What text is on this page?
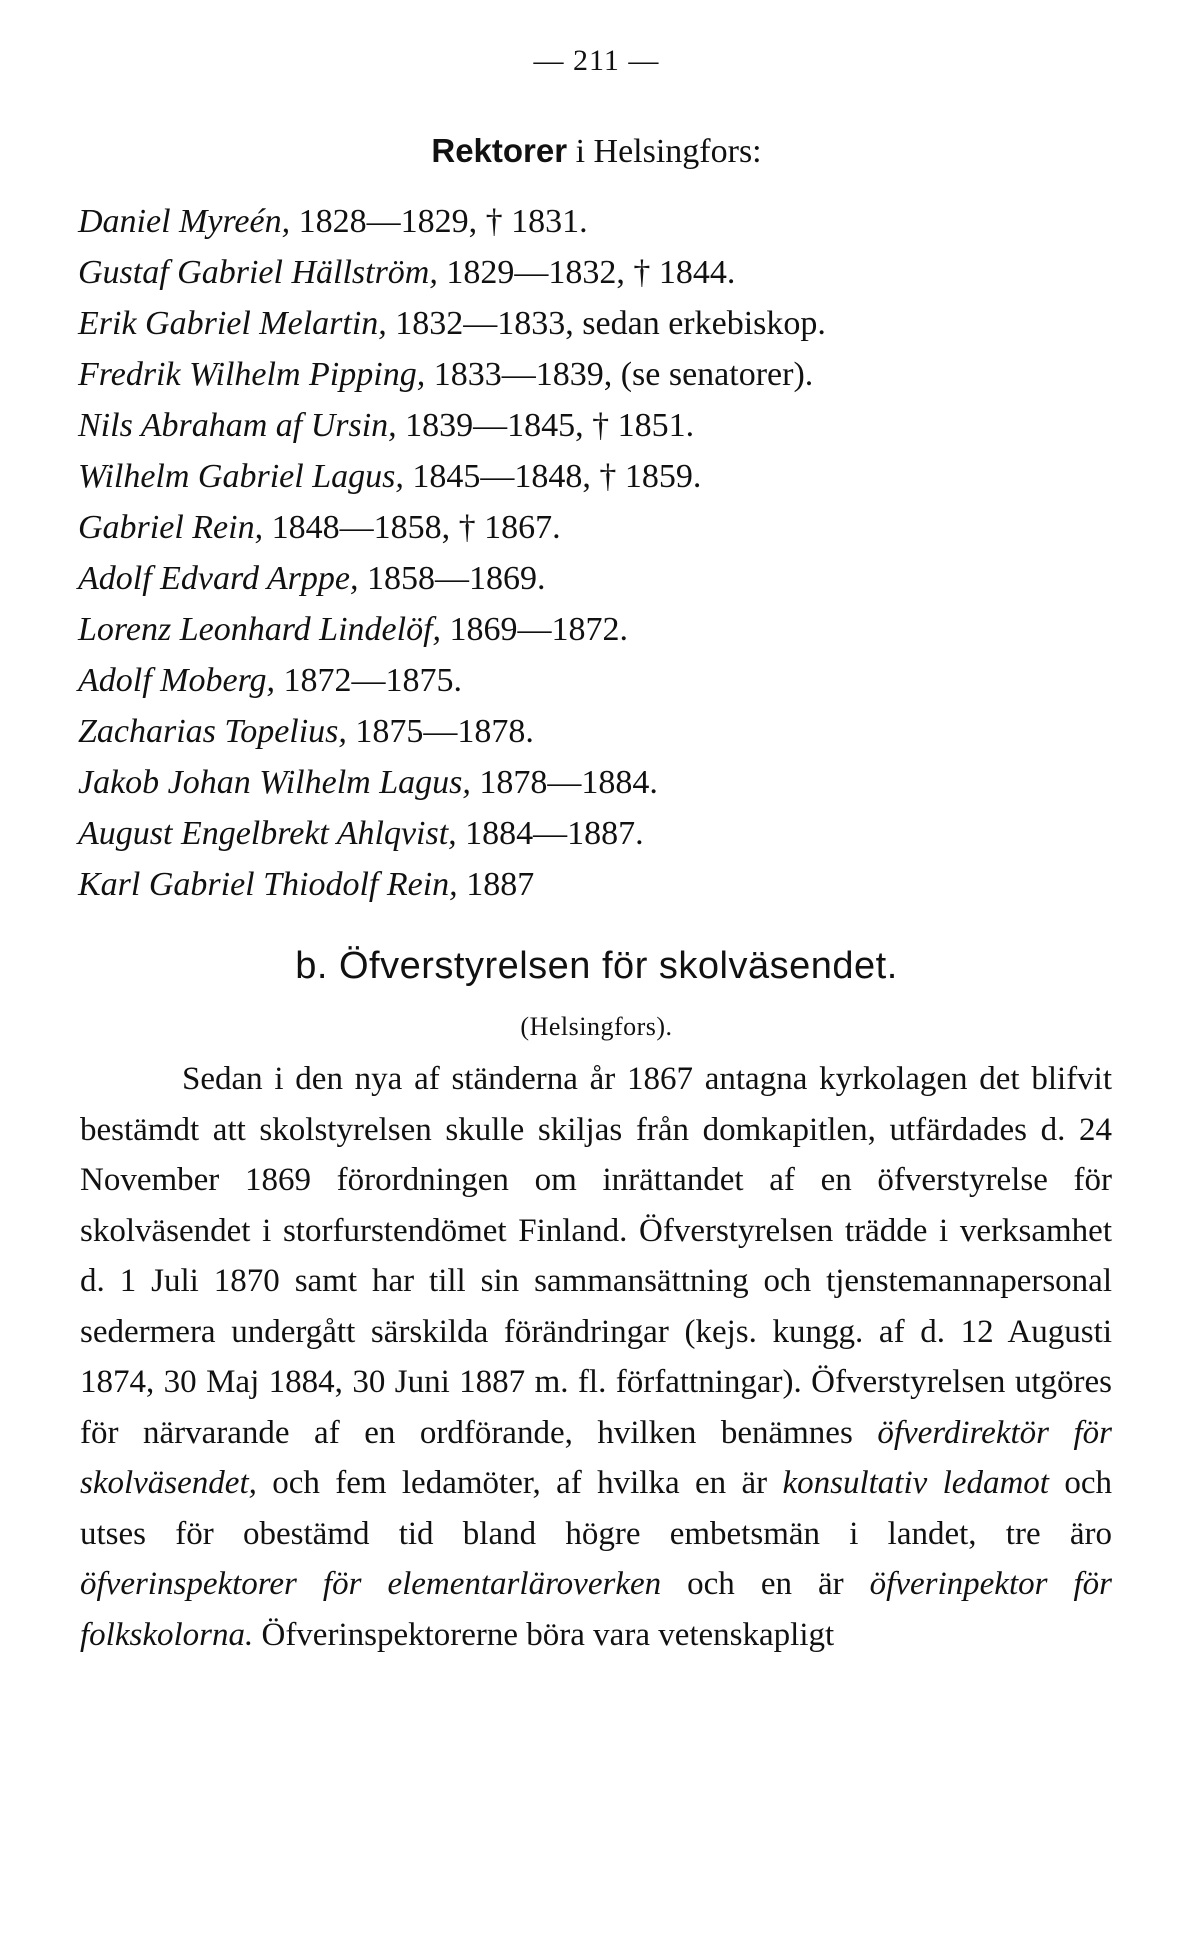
— 211 —
Rektorer i Helsingfors:
Daniel Myreén, 1828—1829, † 1831.
Gustaf Gabriel Hällström, 1829—1832, † 1844.
Erik Gabriel Melartin, 1832—1833, sedan erkebiskop.
Fredrik Wilhelm Pipping, 1833—1839, (se senatorer).
Nils Abraham af Ursin, 1839—1845, † 1851.
Wilhelm Gabriel Lagus, 1845—1848, † 1859.
Gabriel Rein, 1848—1858, † 1867.
Adolf Edvard Arppe, 1858—1869.
Lorenz Leonhard Lindelöf, 1869—1872.
Adolf Moberg, 1872—1875.
Zacharias Topelius, 1875—1878.
Jakob Johan Wilhelm Lagus, 1878—1884.
August Engelbrekt Ahlqvist, 1884—1887.
Karl Gabriel Thiodolf Rein, 1887
b. Öfverstyrelsen för skolväsendet.
(Helsingfors).

Sedan i den nya af ständerna år 1867 antagna kyrkolagen det blifvit bestämdt att skolstyrelsen skulle skiljas från domkapitlen, utfärdades d. 24 November 1869 förordningen om inrättandet af en öfverstyrelse för skolväsendet i storfurstendömet Finland. Öfverstyrelsen trädde i verksamhet d. 1 Juli 1870 samt har till sin sammansättning och tjenstemannapersonal sedermera undergått särskilda förändringar (kejs. kungg. af d. 12 Augusti 1874, 30 Maj 1884, 30 Juni 1887 m. fl. författningar). Öfverstyrelsen utgöres för närvarande af en ordförande, hvilken benämnes öfverdirektör för skolväsendet, och fem ledamöter, af hvilka en är konsultativ ledamot och utses för obestämd tid bland högre embetsmän i landet, tre äro öfverinspektorer för elementarläroverken och en är öfverinpektor för folkskolorna. Öfverinspektorerne böra vara vetenskapligt
